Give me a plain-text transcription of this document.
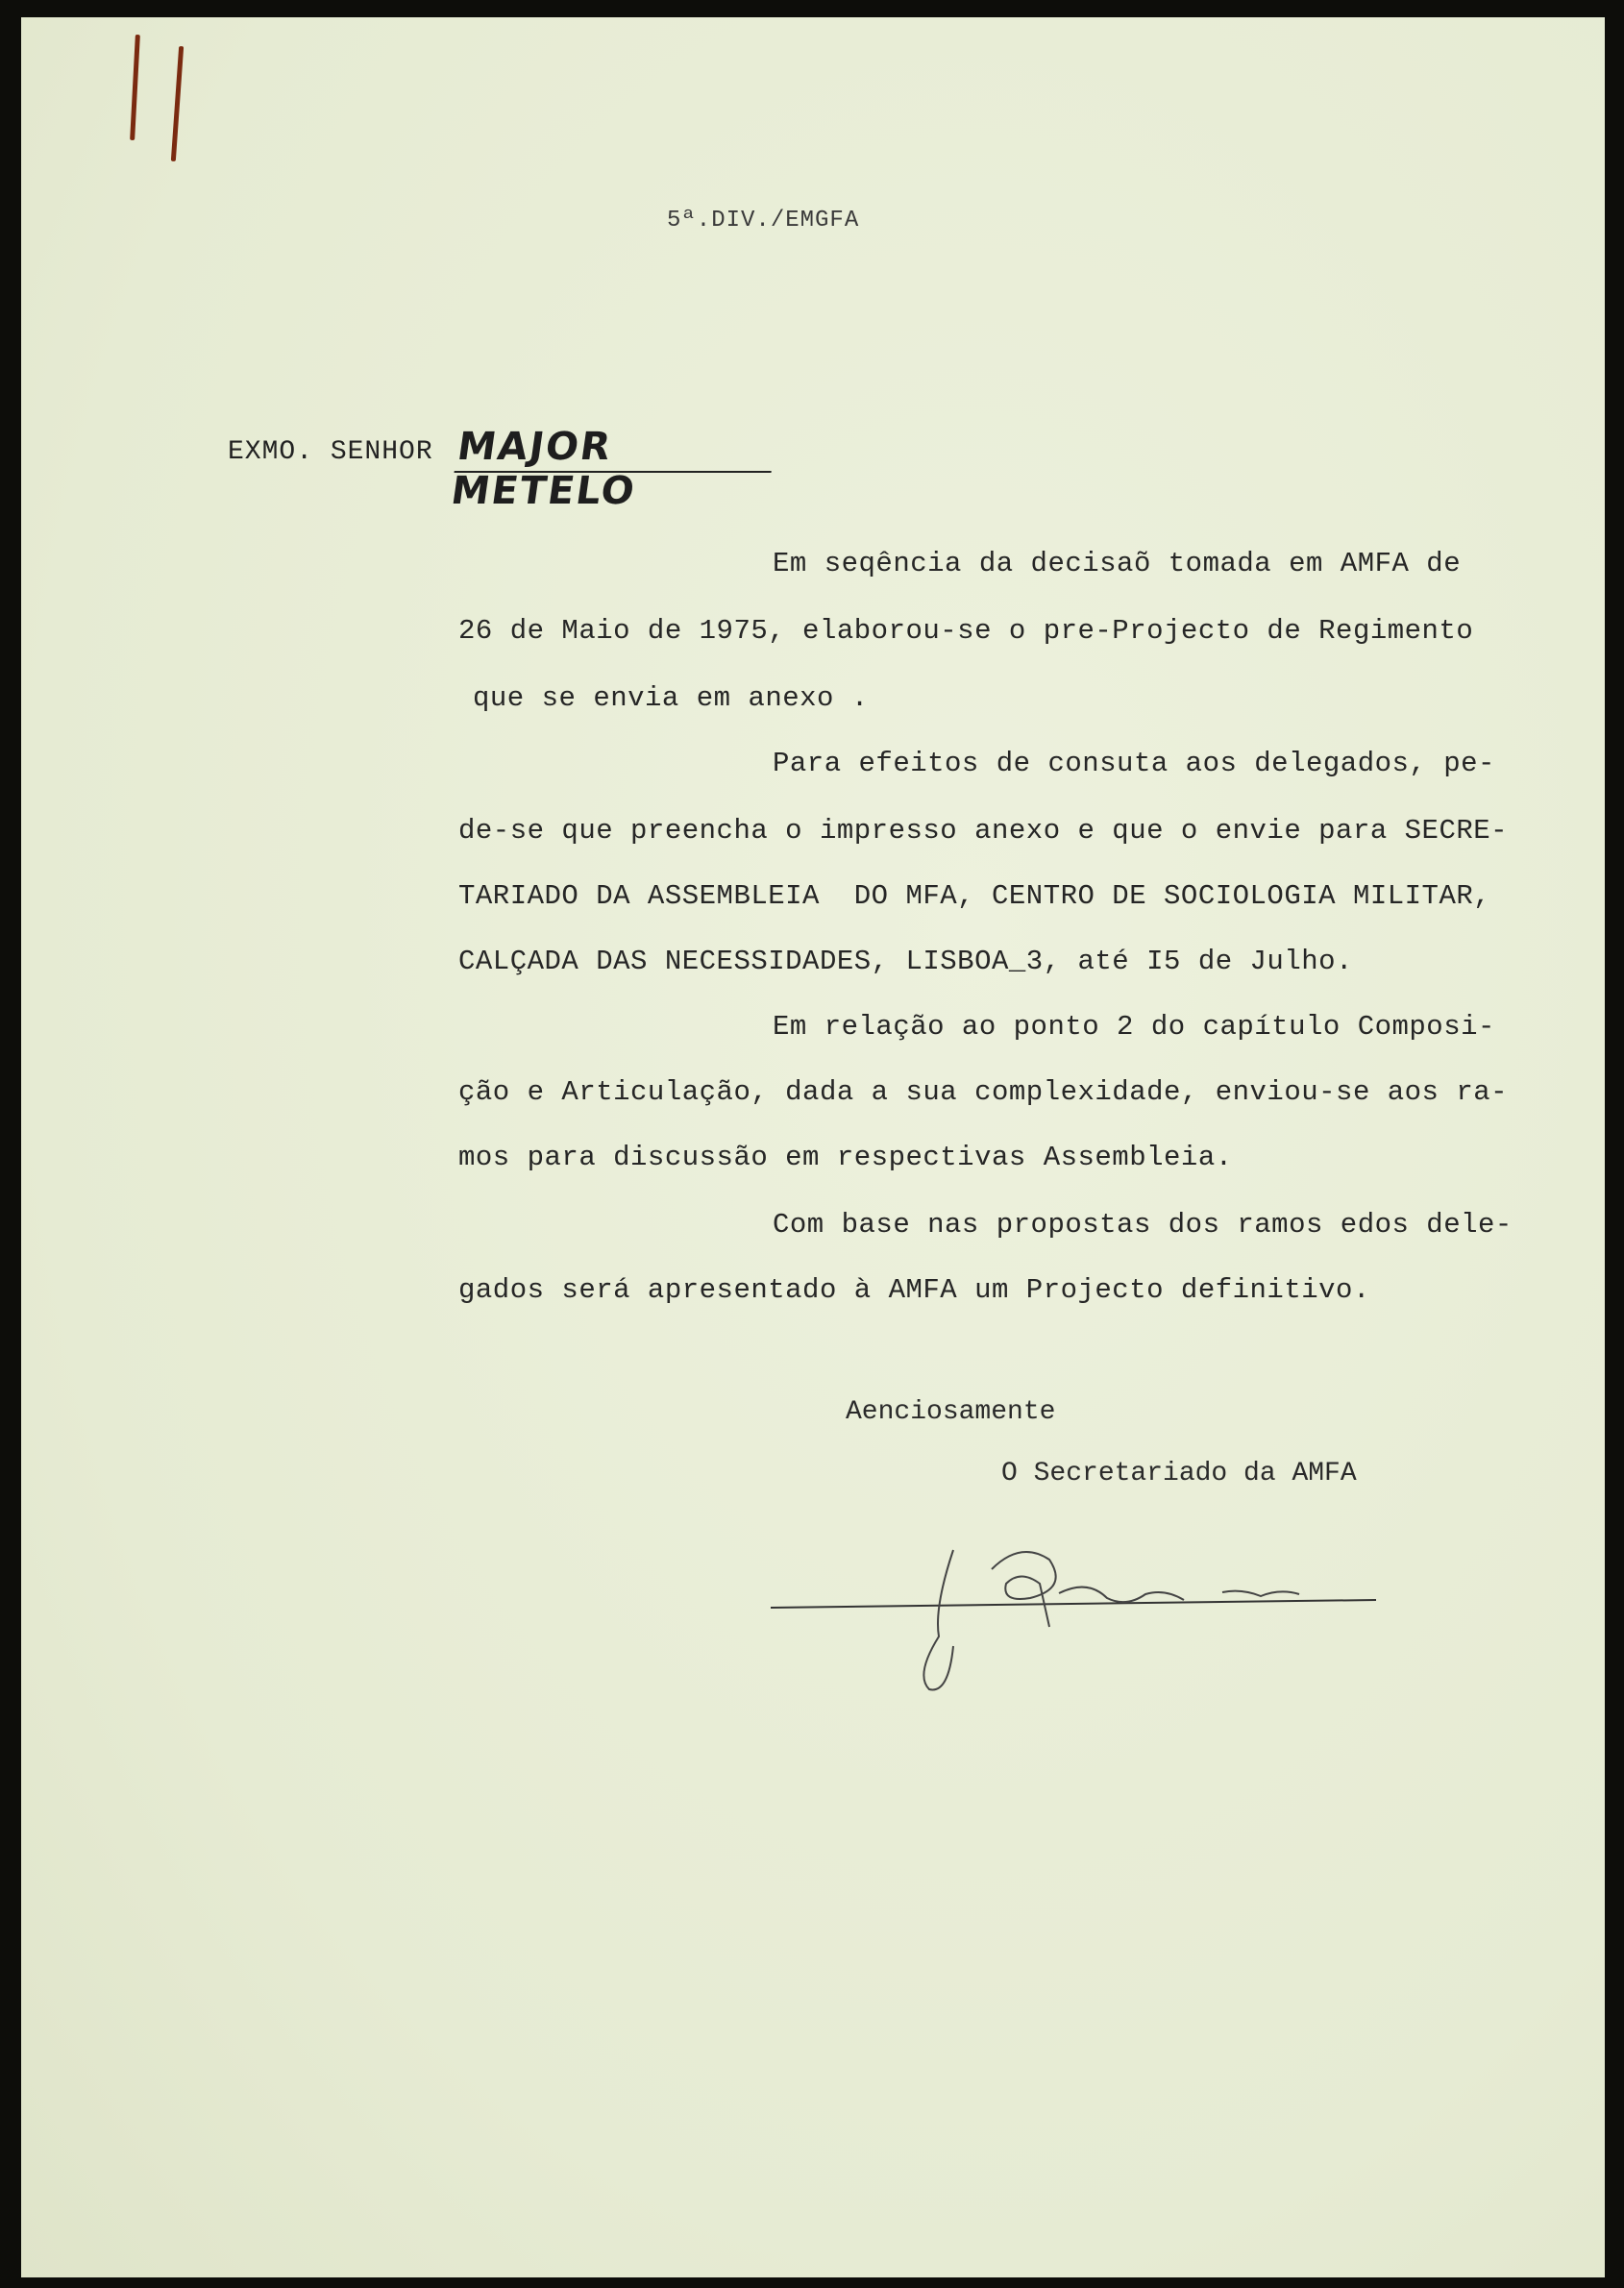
5ª.DIV./EMGFA
EXMO. SENHOR MAJOR METELO
Em seqência da decisaõ tomada em AMFA de
26 de Maio de 1975, elaborou-se o pre-Projecto de Regimento
que se envia em anexo .
Para efeitos de consuta aos delegados, pe-
de-se que preencha o impresso anexo e que o envie para SECRE-
TARIADO DA ASSEMBLEIA  DO MFA, CENTRO DE SOCIOLOGIA MILITAR,
CALÇADA DAS NECESSIDADES, LISBOA_3, até I5 de Julho.
Em relação ao ponto 2 do capítulo Composi-
ção e Articulação, dada a sua complexidade, enviou-se aos ra-
mos para discussão em respectivas Assembleia.
Com base nas propostas dos ramos edos dele-
gados será apresentado à AMFA um Projecto definitivo.
Aenciosamente
O Secretariado da AMFA
